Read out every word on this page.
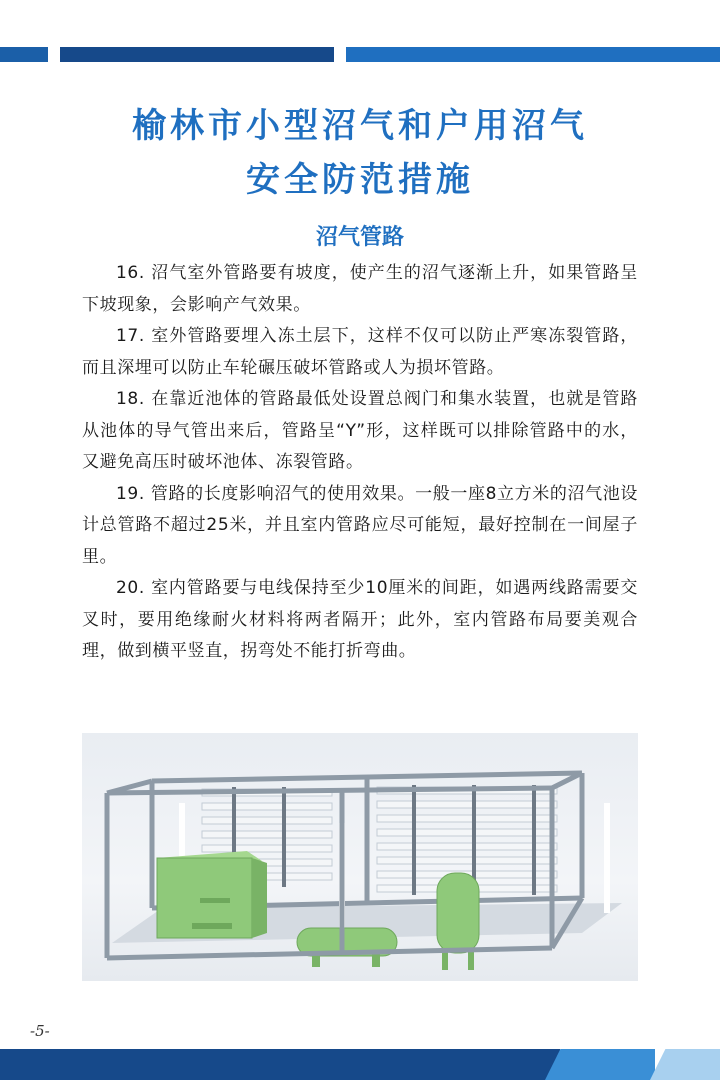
榆林市小型沼气和户用沼气
安全防范措施
沼气管路

16. 沼气室外管路要有坡度，使产生的沼气逐渐上升，如果管路呈下坡现象，会影响产气效果。

17. 室外管路要埋入冻土层下，这样不仅可以防止严寒冻裂管路，而且深埋可以防止车轮碾压破坏管路或人为损坏管路。

18. 在靠近池体的管路最低处设置总阀门和集水装置，也就是管路从池体的导气管出来后，管路呈“Y”形，这样既可以排除管路中的水，又避免高压时破坏池体、冻裂管路。

19. 管路的长度影响沼气的使用效果。一般一座8立方米的沼气池设计总管路不超过25米，并且室内管路应尽可能短，最好控制在一间屋子里。

20. 室内管路要与电线保持至少10厘米的间距，如遇两线路需要交叉时，要用绝缘耐火材料将两者隔开；此外，室内管路布局要美观合理，做到横平竖直，拐弯处不能打折弯曲。

-5-
